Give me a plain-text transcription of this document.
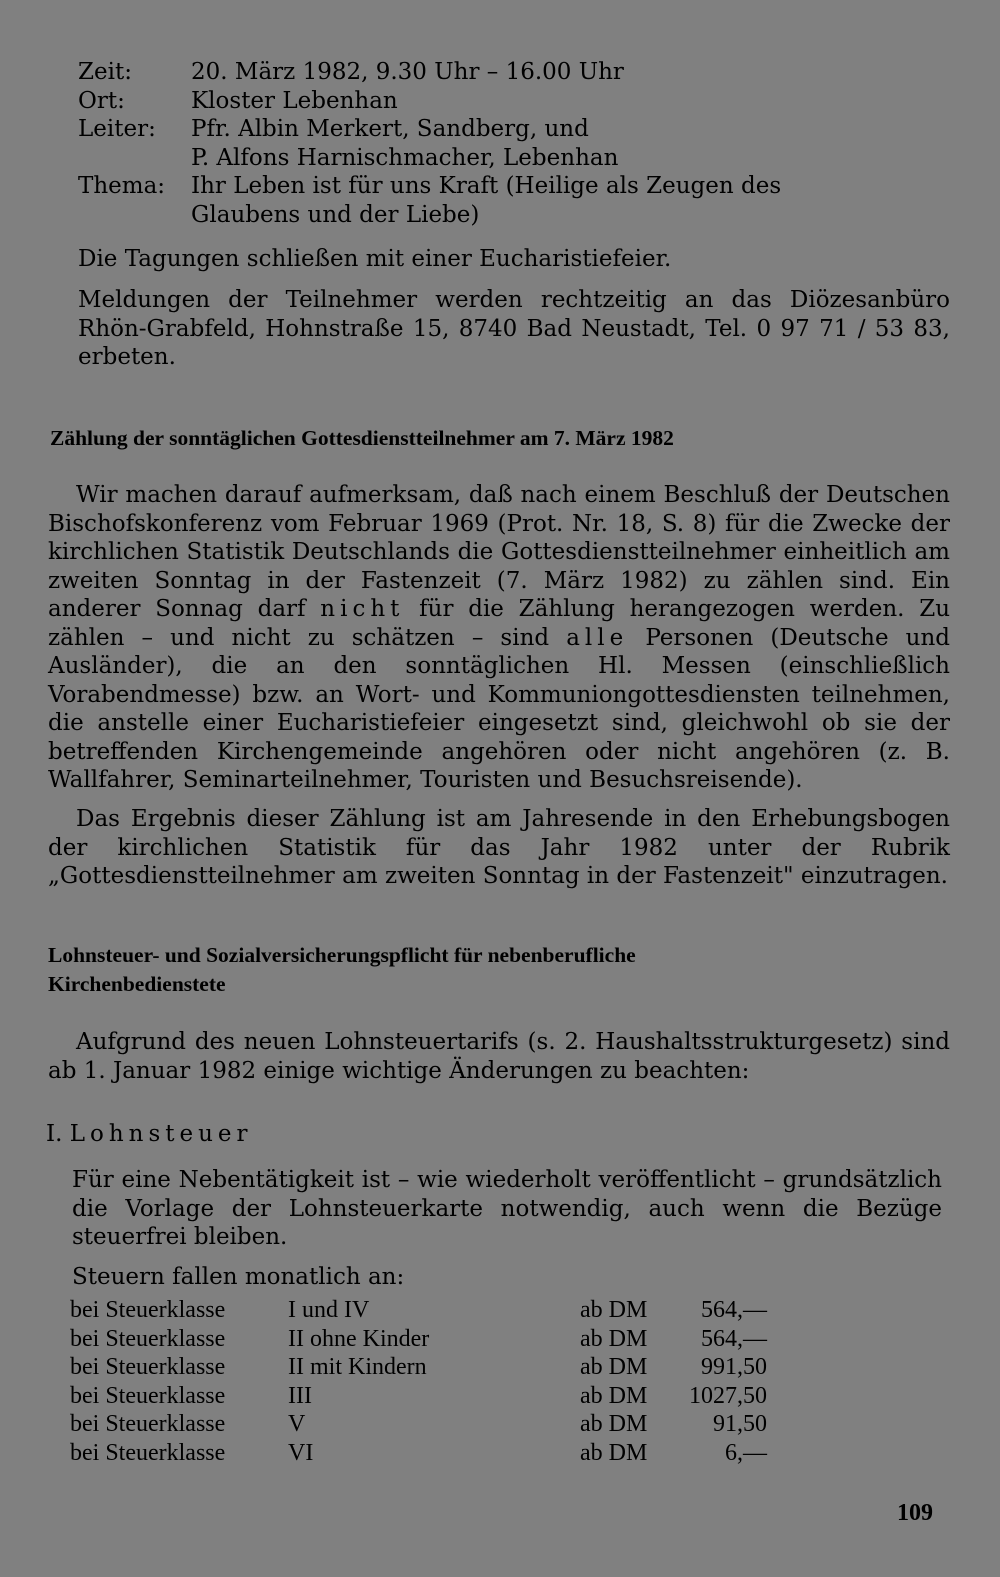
Zeit:	20. März 1982, 9.30 Uhr – 16.00 Uhr
Ort:	Kloster Lebenhan
Leiter:	Pfr. Albin Merkert, Sandberg, und
P. Alfons Harnischmacher, Lebenhan
Thema:	Ihr Leben ist für uns Kraft (Heilige als Zeugen des Glaubens und der Liebe)

Die Tagungen schließen mit einer Eucharistiefeier.

Meldungen der Teilnehmer werden rechtzeitig an das Diözesanbüro Rhön-Grabfeld, Hohnstraße 15, 8740 Bad Neustadt, Tel. 0 97 71 / 53 83, erbeten.

Zählung der sonntäglichen Gottesdienstteilnehmer am 7. März 1982

Wir machen darauf aufmerksam, daß nach einem Beschluß der Deutschen Bischofskonferenz vom Februar 1969 (Prot. Nr. 18, S. 8) für die Zwecke der kirchlichen Statistik Deutschlands die Gottesdienstteilnehmer einheitlich am zweiten Sonntag in der Fastenzeit (7. März 1982) zu zählen sind. Ein anderer Sonnag darf nicht für die Zählung herangezogen werden. Zu zählen – und nicht zu schätzen – sind alle Personen (Deutsche und Ausländer), die an den sonntäglichen Hl. Messen (einschließlich Vorabendmesse) bzw. an Wort- und Kommuniongottesdiensten teilnehmen, die anstelle einer Eucharistiefeier eingesetzt sind, gleichwohl ob sie der betreffenden Kirchengemeinde angehören oder nicht angehören (z. B. Wallfahrer, Seminarteilnehmer, Touristen und Besuchsreisende).

Das Ergebnis dieser Zählung ist am Jahresende in den Erhebungsbogen der kirchlichen Statistik für das Jahr 1982 unter der Rubrik „Gottesdienstteilnehmer am zweiten Sonntag in der Fastenzeit" einzutragen.

Lohnsteuer- und Sozialversicherungspflicht für nebenberufliche
Kirchenbedienstete

Aufgrund des neuen Lohnsteuertarifs (s. 2. Haushaltsstrukturgesetz) sind ab 1. Januar 1982 einige wichtige Änderungen zu beachten:

I. Lohnsteuer

Für eine Nebentätigkeit ist – wie wiederholt veröffentlicht – grundsätzlich die Vorlage der Lohnsteuerkarte notwendig, auch wenn die Bezüge steuerfrei bleiben.

Steuern fallen monatlich an:
bei Steuerklasse	I und IV	ab DM	564,—
bei Steuerklasse	II ohne Kinder	ab DM	564,—
bei Steuerklasse	II mit Kindern	ab DM	991,50
bei Steuerklasse	III	ab DM	1027,50
bei Steuerklasse	V	ab DM	91,50
bei Steuerklasse	VI	ab DM	6,—
109
